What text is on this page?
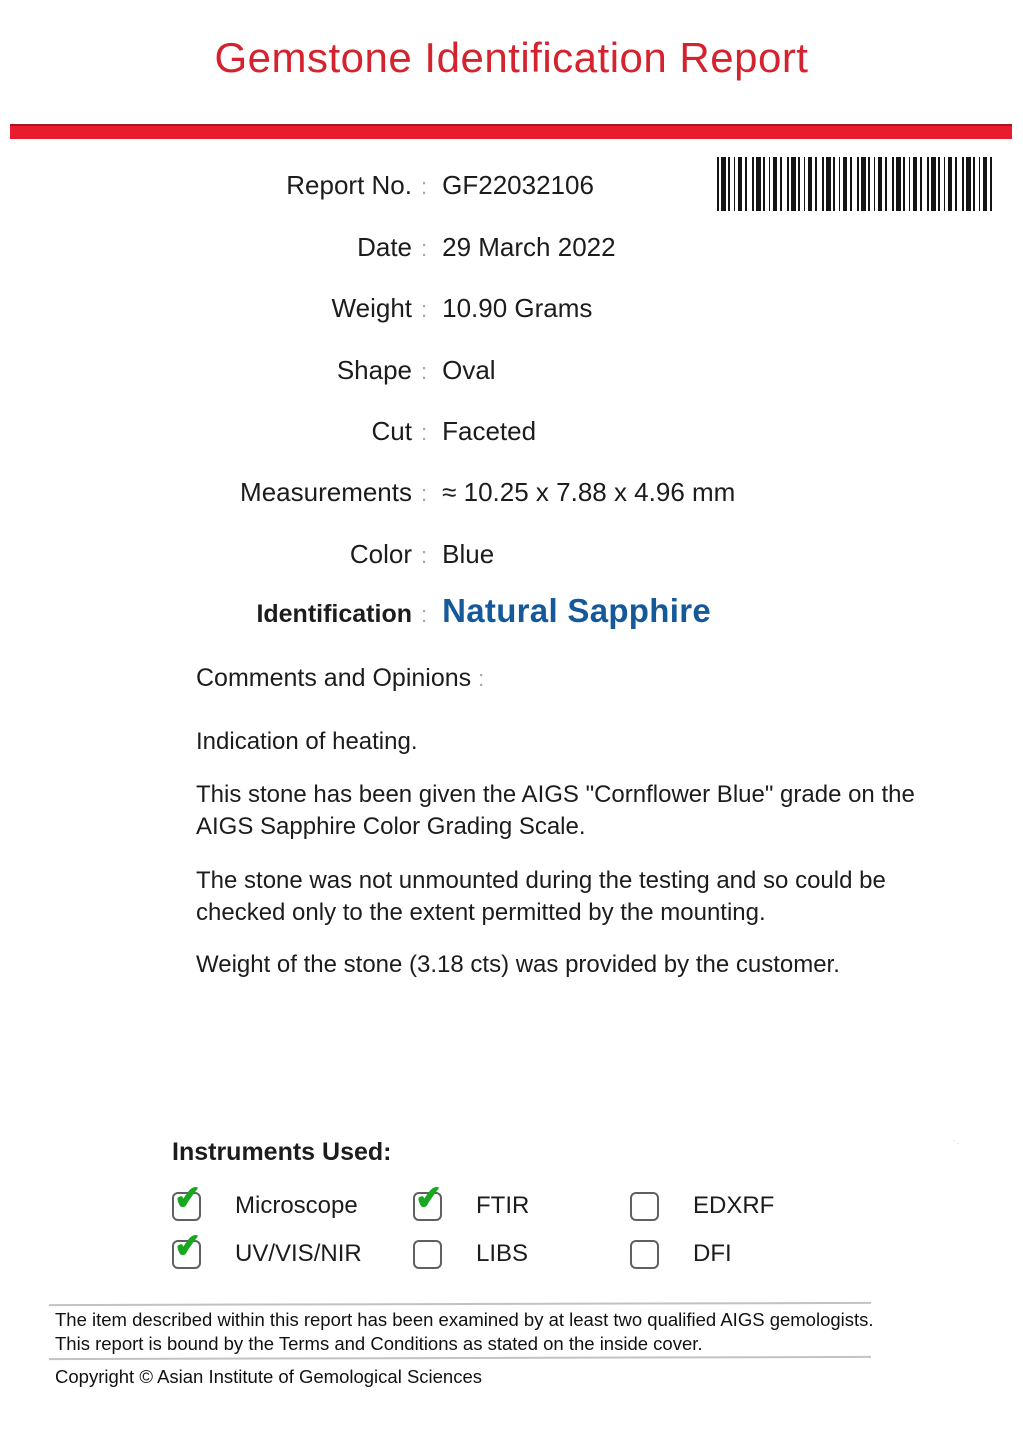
Gemstone Identification Report
Report No. : GF22032106
Date : 29 March 2022
Weight : 10.90 Grams
Shape : Oval
Cut : Faceted
Measurements : ≈ 10.25 x 7.88 x 4.96 mm
Color : Blue
Identification : Natural Sapphire
Comments and Opinions:
Indication of heating.
This stone has been given the AIGS "Cornflower Blue" grade on the AIGS Sapphire Color Grading Scale.
The stone was not unmounted during the testing and so could be checked only to the extent permitted by the mounting.
Weight of the stone (3.18 cts) was provided by the customer.
Instruments Used:
✔ Microscope ✔ FTIR	EDXRF
✔ UV/VIS/NIR	LIBS	DFI
The item described within this report has been examined by at least two qualified AIGS gemologists.
This report is bound by the Terms and Conditions as stated on the inside cover.
Copyright © Asian Institute of Gemological Sciences
·.
